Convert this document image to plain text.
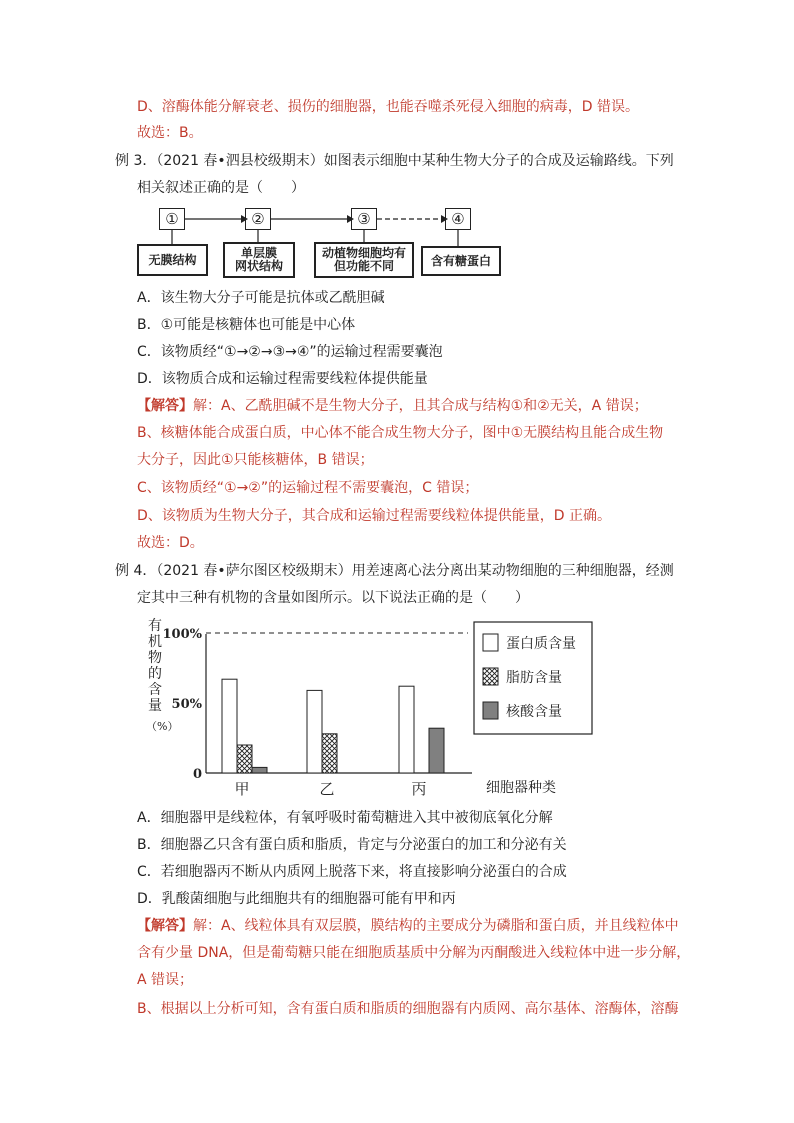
D、溶酶体能分解衰老、损伤的细胞器，也能吞噬杀死侵入细胞的病毒，D 错误。
故选：B。
例 3．（2021 春•泗县校级期末）如图表示细胞中某种生物大分子的合成及运输路线。下列
相关叙述正确的是（　　）
①	②	③	④
无膜结构	单层膜
网状结构
动植物细胞均有
但功能不同	含有糖蛋白
A．该生物大分子可能是抗体或乙酰胆碱
B．①可能是核糖体也可能是中心体
C．该物质经“①→②→③→④”的运输过程需要囊泡
D．该物质合成和运输过程需要线粒体提供能量
【解答】解：A、乙酰胆碱不是生物大分子，且其合成与结构①和②无关，A 错误；
B、核糖体能合成蛋白质，中心体不能合成生物大分子，图中①无膜结构且能合成生物
大分子，因此①只能核糖体，B 错误；
C、该物质经“①→②”的运输过程不需要囊泡，C 错误；
D、该物质为生物大分子，其合成和运输过程需要线粒体提供能量，D 正确。
故选：D。
例 4．（2021 春•萨尔图区校级期末）用差速离心法分离出某动物细胞的三种细胞器，经测
定其中三种有机物的含量如图所示。以下说法正确的是（　　）
有
机
物
的
含
量
（%）
100%
50%
0
甲	乙	丙	细胞器种类
蛋白质含量
脂肪含量
核酸含量
A．细胞器甲是线粒体，有氧呼吸时葡萄糖进入其中被彻底氧化分解
B．细胞器乙只含有蛋白质和脂质，肯定与分泌蛋白的加工和分泌有关
C．若细胞器丙不断从内质网上脱落下来，将直接影响分泌蛋白的合成
D．乳酸菌细胞与此细胞共有的细胞器可能有甲和丙
【解答】解：A、线粒体具有双层膜，膜结构的主要成分为磷脂和蛋白质，并且线粒体中
含有少量 DNA，但是葡萄糖只能在细胞质基质中分解为丙酮酸进入线粒体中进一步分解，
A 错误；
B、根据以上分析可知，含有蛋白质和脂质的细胞器有内质网、高尔基体、溶酶体，溶酶
